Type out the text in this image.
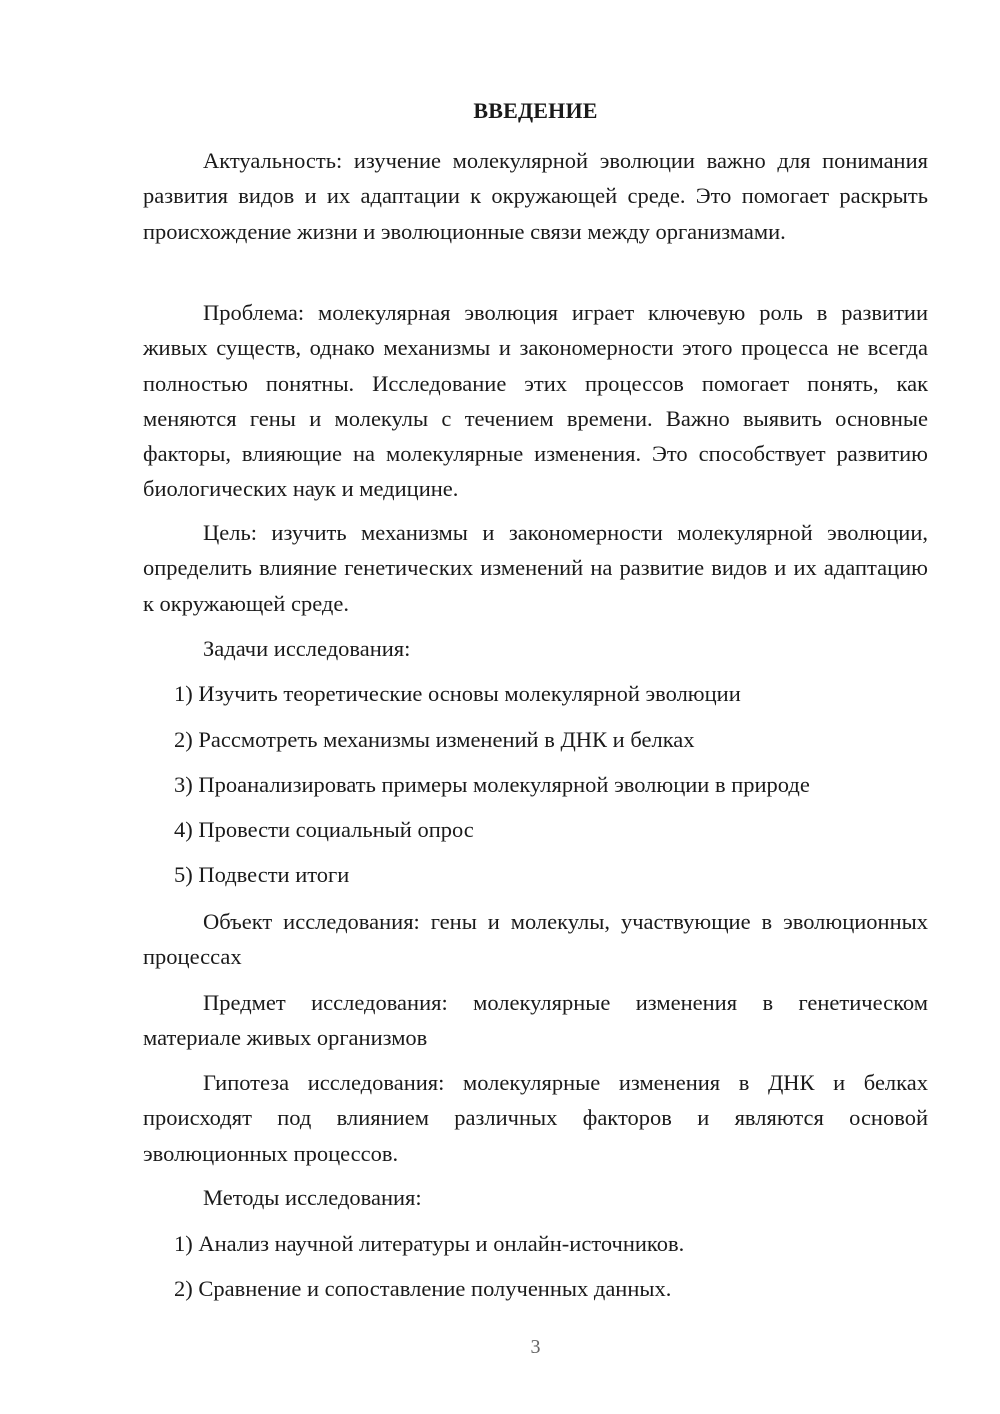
ВВЕДЕНИЕ

Актуальность: изучение молекулярной эволюции важно для понимания развития видов и их адаптации к окружающей среде. Это помогает раскрыть происхождение жизни и эволюционные связи между организмами.

Проблема: молекулярная эволюция играет ключевую роль в развитии живых существ, однако механизмы и закономерности этого процесса не всегда полностью понятны. Исследование этих процессов помогает понять, как меняются гены и молекулы с течением времени. Важно выявить основные факторы, влияющие на молекулярные изменения. Это способствует развитию биологических наук и медицине.

Цель: изучить механизмы и закономерности молекулярной эволюции, определить влияние генетических изменений на развитие видов и их адаптацию к окружающей среде.

Задачи исследования:

1) Изучить теоретические основы молекулярной эволюции

2) Рассмотреть механизмы изменений в ДНК и белках

3) Проанализировать примеры молекулярной эволюции в природе

4) Провести социальный опрос

5) Подвести итоги

Объект исследования: гены и молекулы, участвующие в эволюционных процессах

Предмет исследования: молекулярные изменения в генетическом материале живых организмов

Гипотеза исследования: молекулярные изменения в ДНК и белках происходят под влиянием различных факторов и являются основой эволюционных процессов.

Методы исследования:

1) Анализ научной литературы и онлайн-источников.

2) Сравнение и сопоставление полученных данных.

3
